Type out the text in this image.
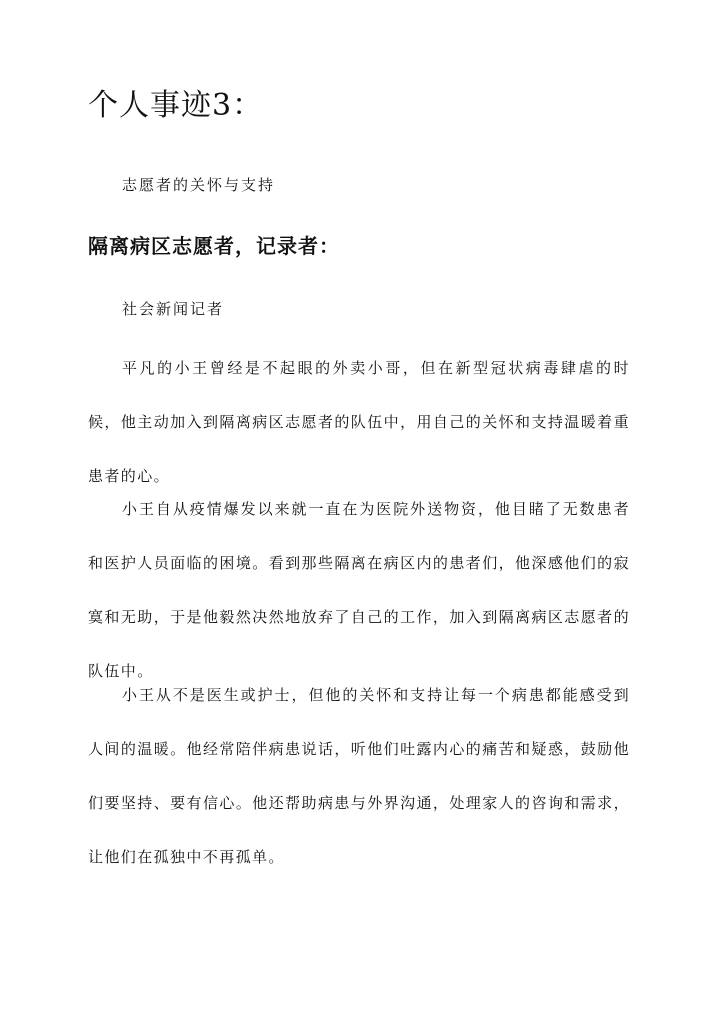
个人事迹3：

志愿者的关怀与支持

隔离病区志愿者，记录者：

社会新闻记者

平凡的小王曾经是不起眼的外卖小哥，但在新型冠状病毒肆虐的时候，他主动加入到隔离病区志愿者的队伍中，用自己的关怀和支持温暖着重患者的心。

小王自从疫情爆发以来就一直在为医院外送物资，他目睹了无数患者和医护人员面临的困境。看到那些隔离在病区内的患者们，他深感他们的寂寞和无助，于是他毅然决然地放弃了自己的工作，加入到隔离病区志愿者的队伍中。

小王从不是医生或护士，但他的关怀和支持让每一个病患都能感受到人间的温暖。他经常陪伴病患说话，听他们吐露内心的痛苦和疑惑，鼓励他们要坚持、要有信心。他还帮助病患与外界沟通，处理家人的咨询和需求，让他们在孤独中不再孤单。
